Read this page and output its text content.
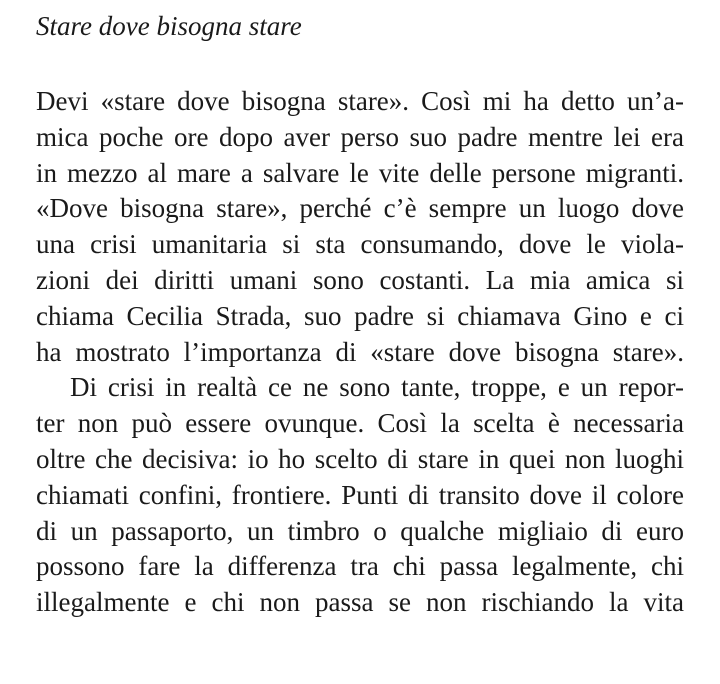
Stare dove bisogna stare
Devi «stare dove bisogna stare». Così mi ha detto un’a-
mica poche ore dopo aver perso suo padre mentre lei era
in mezzo al mare a salvare le vite delle persone migranti.
«Dove bisogna stare», perché c’è sempre un luogo dove
una crisi umanitaria si sta consumando, dove le viola-
zioni dei diritti umani sono costanti. La mia amica si
chiama Cecilia Strada, suo padre si chiamava Gino e ci
ha mostrato l’importanza di «stare dove bisogna stare».
Di crisi in realtà ce ne sono tante, troppe, e un repor-
ter non può essere ovunque. Così la scelta è necessaria
oltre che decisiva: io ho scelto di stare in quei non luoghi
chiamati confini, frontiere. Punti di transito dove il colore
di un passaporto, un timbro o qualche migliaio di euro
possono fare la differenza tra chi passa legalmente, chi
illegalmente e chi non passa se non rischiando la vita
